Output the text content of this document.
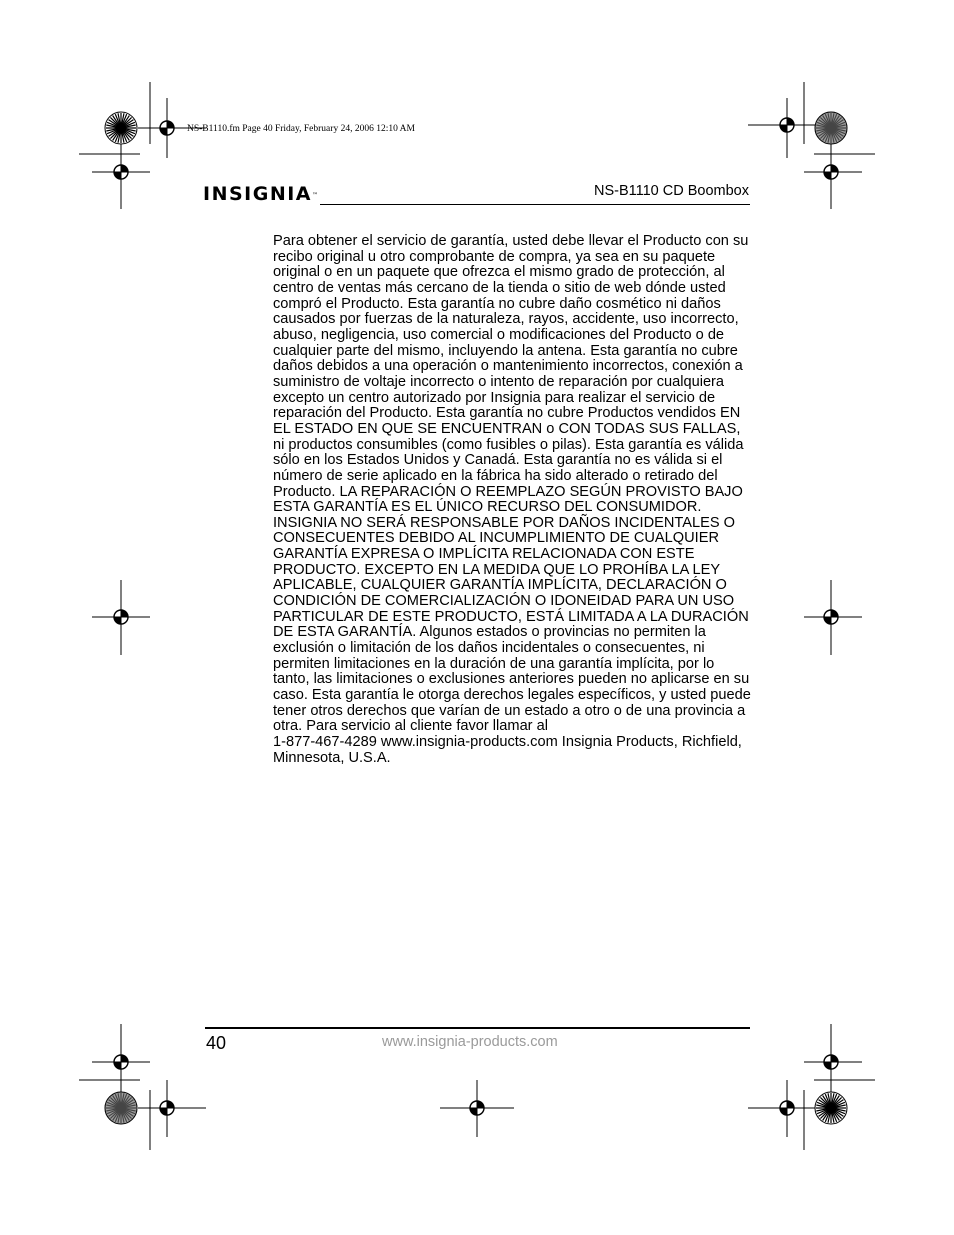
NS-B1110.fm Page 40 Friday, February 24, 2006 12:10 AM
INSIGNIA™	NS-B1110 CD Boombox

Para obtener el servicio de garantía, usted debe llevar el Producto con su recibo original u otro comprobante de compra, ya sea en su paquete original o en un paquete que ofrezca el mismo grado de protección, al centro de ventas más cercano de la tienda o sitio de web dónde usted compró el Producto. Esta garantía no cubre daño cosmético ni daños causados por fuerzas de la naturaleza, rayos, accidente, uso incorrecto, abuso, negligencia, uso comercial o modificaciones del Producto o de cualquier parte del mismo, incluyendo la antena. Esta garantía no cubre daños debidos a una operación o mantenimiento incorrectos, conexión a suministro de voltaje incorrecto o intento de reparación por cualquiera excepto un centro autorizado por Insignia para realizar el servicio de reparación del Producto. Esta garantía no cubre Productos vendidos EN EL ESTADO EN QUE SE ENCUENTRAN o CON TODAS SUS FALLAS, ni productos consumibles (como fusibles o pilas). Esta garantía es válida sólo en los Estados Unidos y Canadá. Esta garantía no es válida si el número de serie aplicado en la fábrica ha sido alterado o retirado del Producto. LA REPARACIÓN O REEMPLAZO SEGÚN PROVISTO BAJO ESTA GARANTÍA ES EL ÚNICO RECURSO DEL CONSUMIDOR. INSIGNIA NO SERÁ RESPONSABLE POR DAÑOS INCIDENTALES O CONSECUENTES DEBIDO AL INCUMPLIMIENTO DE CUALQUIER GARANTÍA EXPRESA O IMPLÍCITA RELACIONADA CON ESTE PRODUCTO. EXCEPTO EN LA MEDIDA QUE LO PROHÍBA LA LEY APLICABLE, CUALQUIER GARANTÍA IMPLÍCITA, DECLARACIÓN O CONDICIÓN DE COMERCIALIZACIÓN O IDONEIDAD PARA UN USO PARTICULAR DE ESTE PRODUCTO, ESTÁ LIMITADA A LA DURACIÓN DE ESTA GARANTÍA. Algunos estados o provincias no permiten la exclusión o limitación de los daños incidentales o consecuentes, ni permiten limitaciones en la duración de una garantía implícita, por lo tanto, las limitaciones o exclusiones anteriores pueden no aplicarse en su caso. Esta garantía le otorga derechos legales específicos, y usted puede tener otros derechos que varían de un estado a otro o de una provincia a otra. Para servicio al cliente favor llamar al

1-877-467-4289 www.insignia-products.com Insignia Products, Richfield, Minnesota, U.S.A.

40	www.insignia-products.com
